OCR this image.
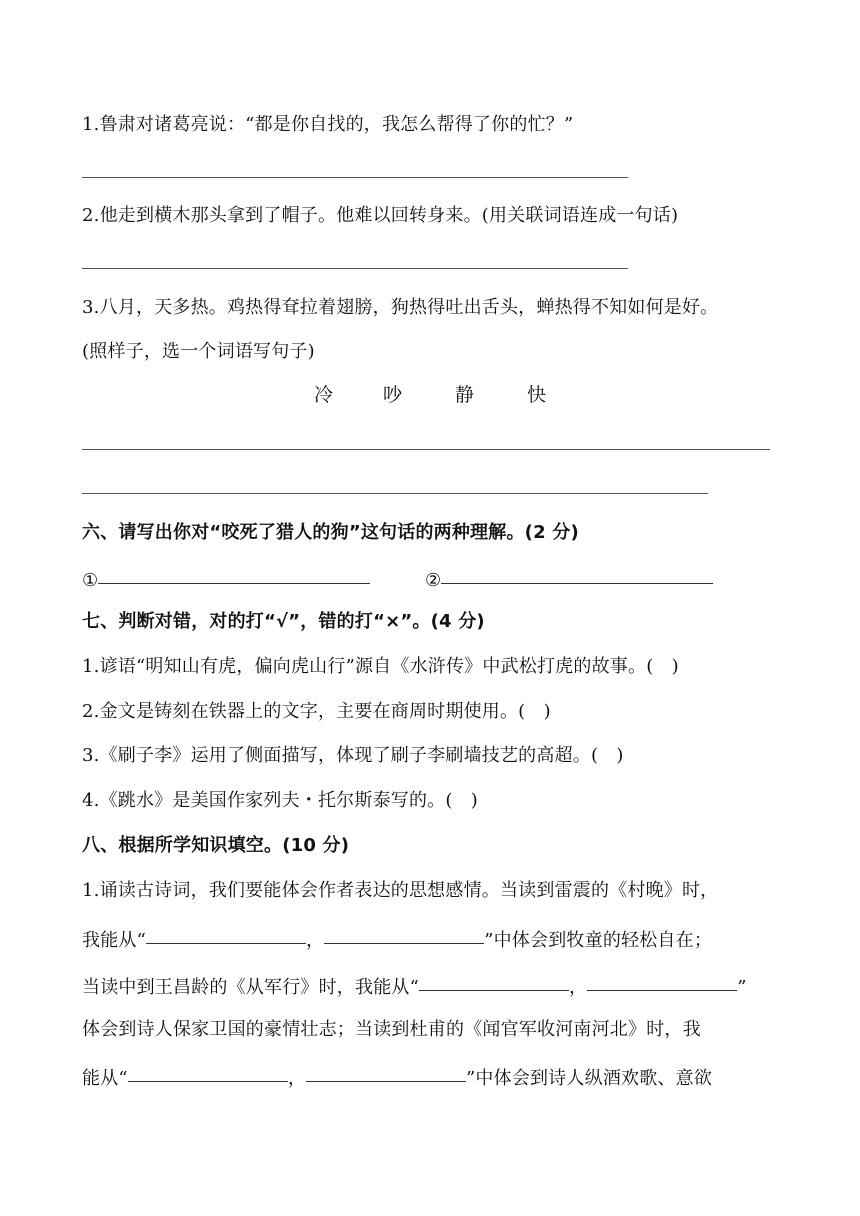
1.鲁肃对诸葛亮说：“都是你自找的，我怎么帮得了你的忙？”
2.他走到横木那头拿到了帽子。他难以回转身来。(用关联词语连成一句话)
3.八月，天多热。鸡热得耷拉着翅膀，狗热得吐出舌头，蝉热得不知如何是好。
(照样子，选一个词语写句子)
冷	吵	静	快
六、请写出你对“咬死了猎人的狗”这句话的两种理解。(2 分)
①	②
七、判断对错，对的打“√”，错的打“×”。(4 分)
1.谚语“明知山有虎，偏向虎山行”源自《水浒传》中武松打虎的故事。(　)
2.金文是铸刻在铁器上的文字，主要在商周时期使用。(　)
3.《刷子李》运用了侧面描写，体现了刷子李刷墙技艺的高超。(　)
4.《跳水》是美国作家列夫・托尔斯泰写的。(　)
八、根据所学知识填空。(10 分)
1.诵读古诗词，我们要能体会作者表达的思想感情。当读到雷震的《村晚》时，
我能从“	，	”中体会到牧童的轻松自在；
当读中到王昌龄的《从军行》时，我能从“	，	”
体会到诗人保家卫国的豪情壮志；当读到杜甫的《闻官军收河南河北》时，我
能从“	，	”中体会到诗人纵酒欢歌、意欲
